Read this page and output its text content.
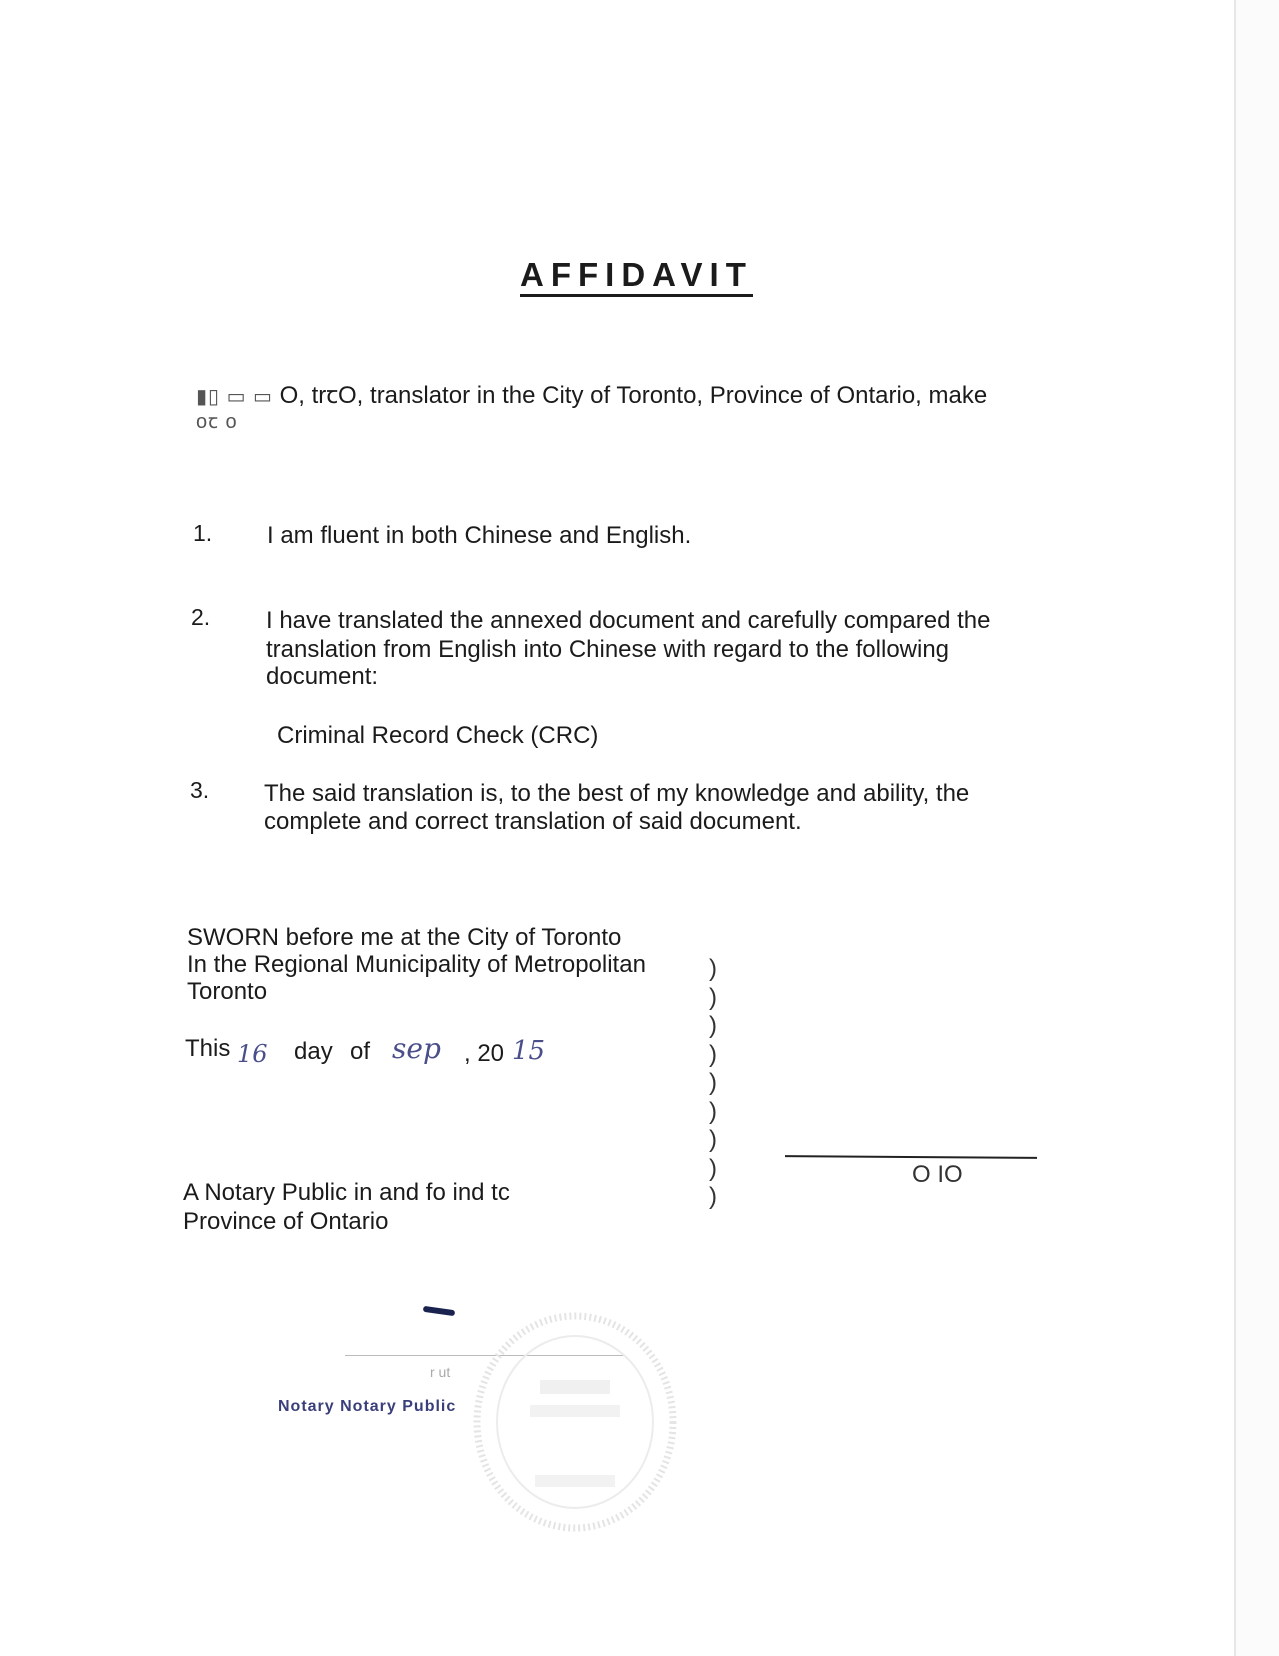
AFFIDAVIT
▮▯ ▭ ▭ O, trꞇO, translator in the City of Toronto, Province of Ontario, make
oꞇ o
1. I am fluent in both Chinese and English.
2. I have translated the annexed document and carefully compared the
translation from English into Chinese with regard to the following
document:
Criminal Record Check (CRC)
3. The said translation is, to the best of my knowledge and ability, the
complete and correct translation of said document.
SWORN before me at the City of Toronto
In the Regional Municipality of Metropolitan
Toronto
This 16 day of sep , 20 15
A Notary Public in and fo ind tc
Province of Ontario
)
)
)
)
)
)
)
)
)
O IO
r ut
Notary Notary Public
